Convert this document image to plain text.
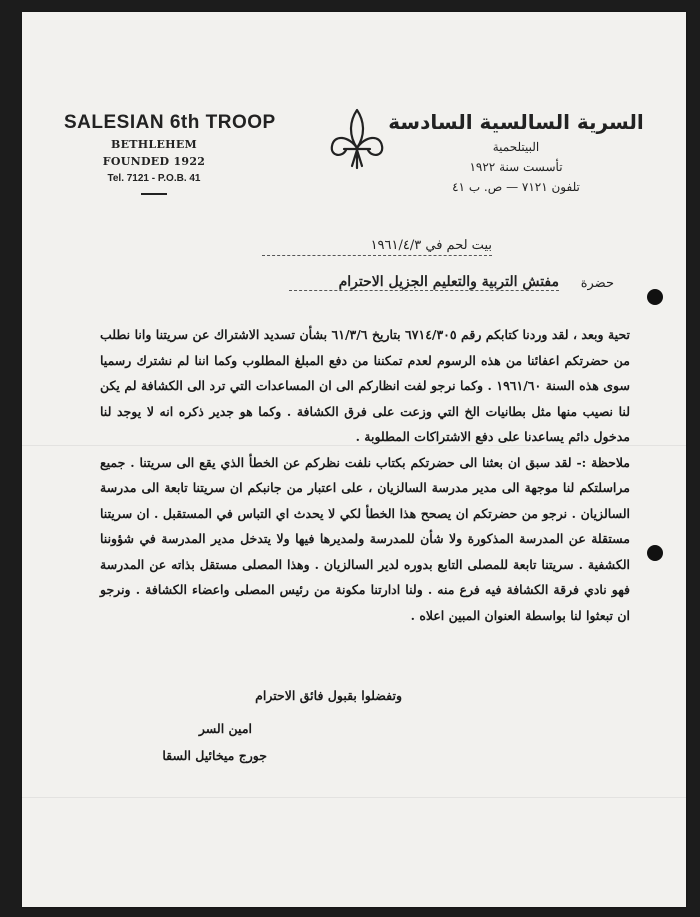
SALESIAN 6th TROOP
BETHLEHEM
FOUNDED 1922
Tel. 7121 - P.O.B. 41
السرية السالسية السادسة
البيتلحمية
تأسست سنة ١٩٢٢
تلفون ٧١٢١ — ص. ب ٤١
بيت لحم في ١٩٦١/٤/٣
حضرة
مفتش التربية والتعليم الجزيل الاحترام

تحية وبعد ، لقد وردنا كتابكم رقم ٦٧١٤/٣٠٥ بتاريخ ٦١/٣/٦ بشأن تسديد الاشتراك عن سريتنا وانا نطلب من حضرتكم اعفائنا من هذه الرسوم لعدم تمكننا من دفع المبلغ المطلوب وكما اننا لم نشترك رسميا سوى هذه السنة ١٩٦١/٦٠ . وكما نرجو لفت انظاركم الى ان المساعدات التي ترد الى الكشافة لم يكن لنا نصيب منها مثل بطانيات الخ التي وزعت على فرق الكشافة . وكما هو جدير ذكره انه لا يوجد لنا مدخول دائم يساعدنا على دفع الاشتراكات المطلوبة .

ملاحظة :- لقد سبق ان بعثنا الى حضرتكم بكتاب نلفت نظركم عن الخطأ الذي يقع الى سريتنا . جميع مراسلتكم لنا موجهة الى مدير مدرسة السالزيان ، على اعتبار من جانبكم ان سريتنا تابعة الى مدرسة السالزيان . نرجو من حضرتكم ان يصحح هذا الخطأ لكي لا يحدث اي التباس في المستقبل . ان سريتنا مستقلة عن المدرسة المذكورة ولا شأن للمدرسة ولمديرها فيها ولا يتدخل مدير المدرسة في شؤوننا الكشفية . سريتنا تابعة للمصلى التابع بدوره لدير السالزيان . وهذا المصلى مستقل بذاته عن المدرسة فهو نادي فرقة الكشافة فيه فرع منه . ولنا ادارتنا مكونة من رئيس المصلى واعضاء الكشافة . ونرجو ان تبعثوا لنا بواسطة العنوان المبين اعلاه .

وتفضلوا بقبول فائق الاحترام
امين السر
جورج ميخائيل السقا
